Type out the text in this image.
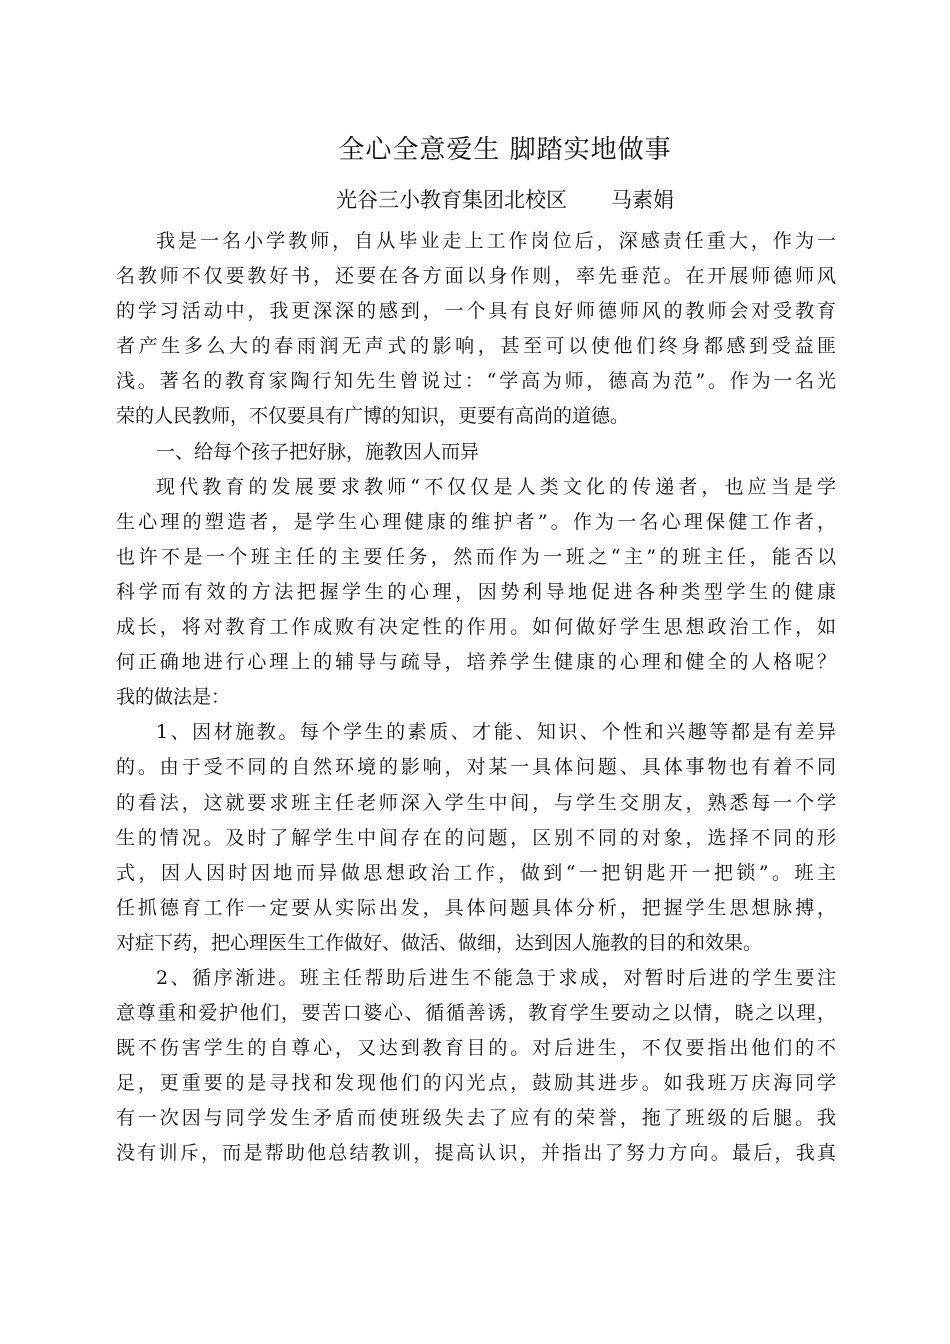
全心全意爱生 脚踏实地做事
光谷三小教育集团北校区 马素娟
我是一名小学教师，自从毕业走上工作岗位后，深感责任重大，作为一
名教师不仅要教好书，还要在各方面以身作则，率先垂范。在开展师德师风
的学习活动中，我更深深的感到，一个具有良好师德师风的教师会对受教育
者产生多么大的春雨润无声式的影响，甚至可以使他们终身都感到受益匪
浅。著名的教育家陶行知先生曾说过：“学高为师，德高为范”。作为一名光
荣的人民教师，不仅要具有广博的知识，更要有高尚的道德。
一、给每个孩子把好脉，施教因人而异
现代教育的发展要求教师“不仅仅是人类文化的传递者，也应当是学
生心理的塑造者，是学生心理健康的维护者”。作为一名心理保健工作者，
也许不是一个班主任的主要任务，然而作为一班之“主”的班主任，能否以
科学而有效的方法把握学生的心理，因势利导地促进各种类型学生的健康
成长，将对教育工作成败有决定性的作用。如何做好学生思想政治工作，如
何正确地进行心理上的辅导与疏导，培养学生健康的心理和健全的人格呢？
我的做法是：
1、因材施教。每个学生的素质、才能、知识、个性和兴趣等都是有差异
的。由于受不同的自然环境的影响，对某一具体问题、具体事物也有着不同
的看法，这就要求班主任老师深入学生中间，与学生交朋友，熟悉每一个学
生的情况。及时了解学生中间存在的问题，区别不同的对象，选择不同的形
式，因人因时因地而异做思想政治工作，做到“一把钥匙开一把锁”。班主
任抓德育工作一定要从实际出发，具体问题具体分析，把握学生思想脉搏，
对症下药，把心理医生工作做好、做活、做细，达到因人施教的目的和效果。
2、循序渐进。班主任帮助后进生不能急于求成，对暂时后进的学生要注
意尊重和爱护他们，要苦口婆心、循循善诱，教育学生要动之以情，晓之以理，
既不伤害学生的自尊心，又达到教育目的。对后进生，不仅要指出他们的不
足，更重要的是寻找和发现他们的闪光点，鼓励其进步。如我班万庆海同学
有一次因与同学发生矛盾而使班级失去了应有的荣誉，拖了班级的后腿。我
没有训斥，而是帮助他总结教训，提高认识，并指出了努力方向。最后，我真
